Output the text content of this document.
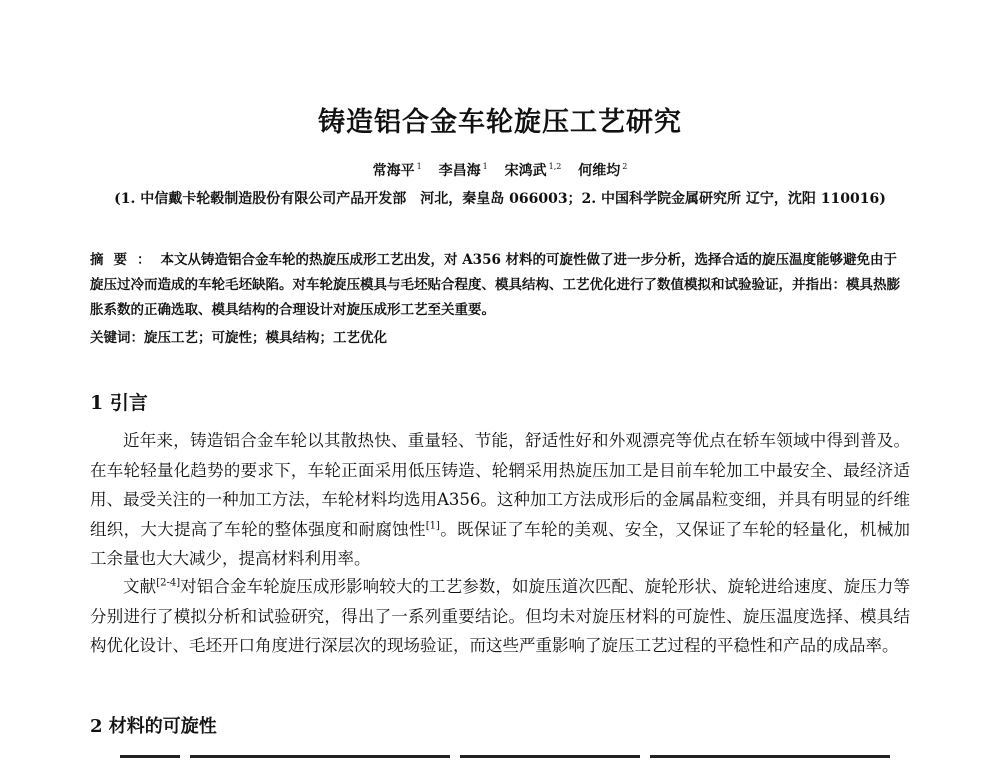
铸造铝合金车轮旋压工艺研究
常海平 $^1$ 李昌海 $^1$ 宋鸿武 $^{1,2}$ 何维均 $^2$
(1. 中信戴卡轮毂制造股份有限公司产品开发部　河北，秦皇岛 066003；2. 中国科学院金属研究所 辽宁，沈阳 110016)
摘要：本文从铸造铝合金车轮的热旋压成形工艺出发，对 A356 材料的可旋性做了进一步分析，选择合适的旋压温度能够避免由于旋压过冷而造成的车轮毛坯缺陷。对车轮旋压模具与毛坯贴合程度、模具结构、工艺优化进行了数值模拟和试验验证，并指出：模具热膨胀系数的正确选取、模具结构的合理设计对旋压成形工艺至关重要。
关键词：旋压工艺；可旋性；模具结构；工艺优化
1 引言

近年来，铸造铝合金车轮以其散热快、重量轻、节能，舒适性好和外观漂亮等优点在轿车领域中得到普及。在车轮轻量化趋势的要求下，车轮正面采用低压铸造、轮辋采用热旋压加工是目前车轮加工中最安全、最经济适用、最受关注的一种加工方法，车轮材料均选用A356。这种加工方法成形后的金属晶粒变细，并具有明显的纤维组织，大大提高了车轮的整体强度和耐腐蚀性[1]。既保证了车轮的美观、安全，又保证了车轮的轻量化，机械加工余量也大大减少，提高材料利用率。

文献[2-4]对铝合金车轮旋压成形影响较大的工艺参数，如旋压道次匹配、旋轮形状、旋轮进给速度、旋压力等分别进行了模拟分析和试验研究，得出了一系列重要结论。但均未对旋压材料的可旋性、旋压温度选择、模具结构优化设计、毛坯开口角度进行深层次的现场验证，而这些严重影响了旋压工艺过程的平稳性和产品的成品率。

2 材料的可旋性
